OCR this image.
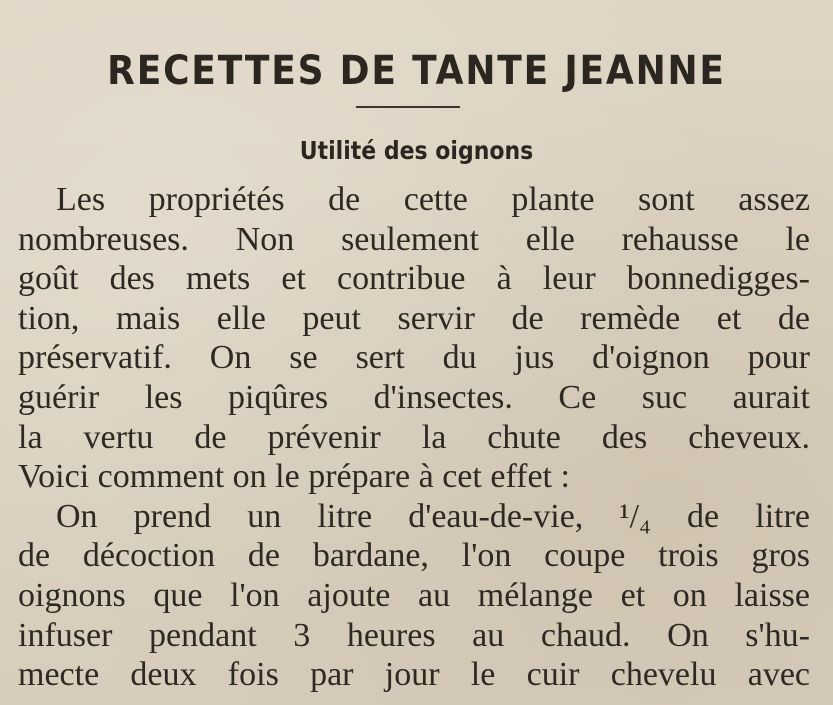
RECETTES DE TANTE JEANNE
Utilité des oignons
Les propriétés de cette plante sont assez
nombreuses. Non seulement elle rehausse le
goût des mets et contribue à leur bonnedigges-
tion, mais elle peut servir de remède et de
préservatif. On se sert du jus d'oignon pour
guérir les piqûres d'insectes. Ce suc aurait
la vertu de prévenir la chute des cheveux.
Voici comment on le prépare à cet effet :
On prend un litre d'eau-de-vie, ¹/₄ de litre
de décoction de bardane, l'on coupe trois gros
oignons que l'on ajoute au mélange et on laisse
infuser pendant 3 heures au chaud. On s'hu-
mecte deux fois par jour le cuir chevelu avec
